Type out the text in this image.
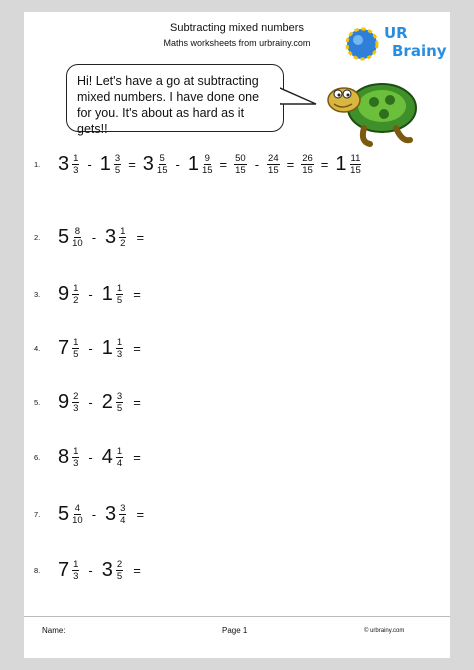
Subtracting mixed numbers
Maths worksheets from urbrainy.com
UR
Brainy
Hi! Let's have a go at subtracting mixed numbers. I have done one for you. It's about as hard as it gets!!
1. $3 \frac{1}{3} - 1 \frac{3}{5} = 3 \frac{5}{15} - 1 \frac{9}{15} = \frac{50}{15} - \frac{24}{15} = \frac{26}{15} = 1 \frac{11}{15}$
2. $5 \frac{8}{10} - 3 \frac{1}{2}$ =
3. $9 \frac{1}{2} - 1 \frac{1}{5}$ =
4. $7 \frac{1}{5} - 1 \frac{1}{3}$ =
5. $9 \frac{2}{3} - 2 \frac{3}{5}$ =
6. $8 \frac{1}{3} - 4 \frac{1}{4}$ =
7. $5 \frac{4}{10} - 3 \frac{3}{4}$ =
8. $7 \frac{1}{3} - 3 \frac{2}{5}$ =
Name:	Page 1	© urbrainy.com
